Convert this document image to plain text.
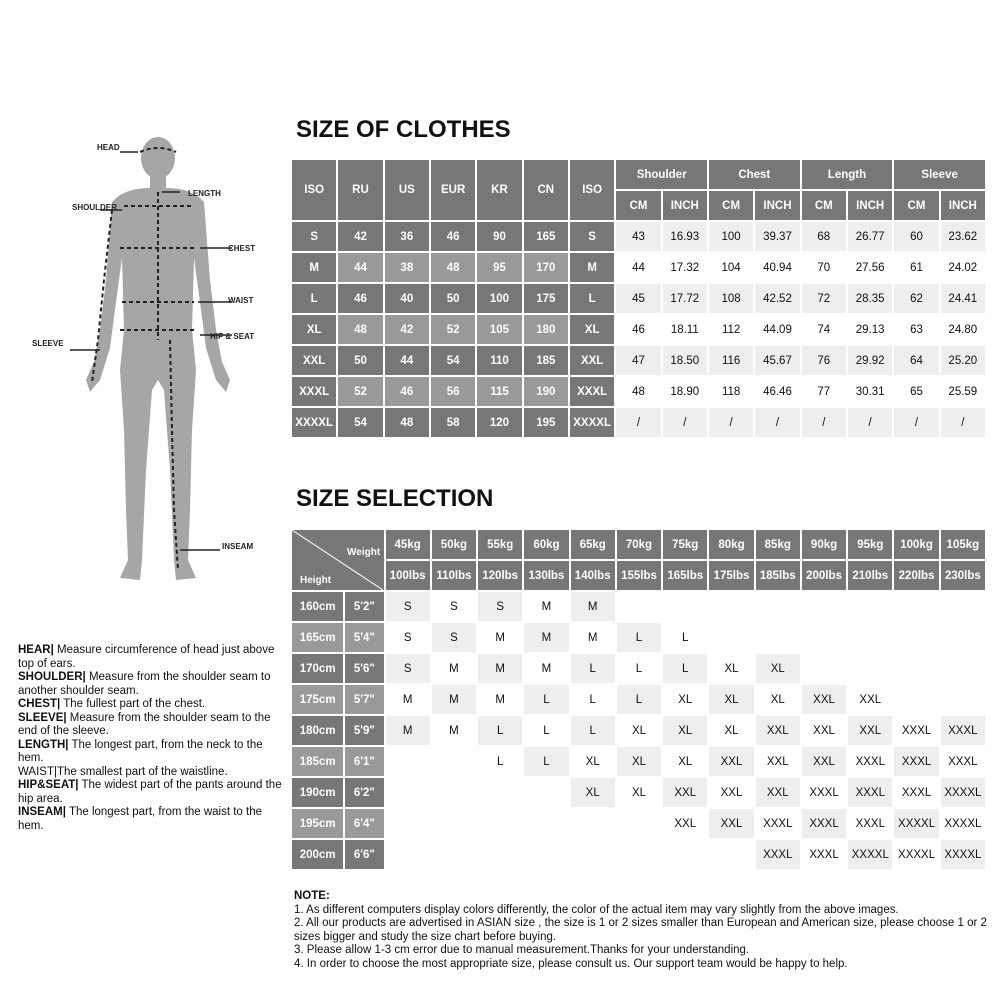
HEAD
LENGTH
SHOULDER
CHEST
WAIST
HIP & SEAT
SLEEVE
INSEAM

HEAR| Measure circumference of head just above top of ears.

SHOULDER| Measure from the shoulder seam to another shoulder seam.

CHEST| The fullest part of the chest.

SLEEVE| Measure from the shoulder seam to the end of the sleeve.

LENGTH| The longest part, from the neck to the hem.

WAIST|The smallest part of the waistline.

HIP&SEAT| The widest part of the pants around the hip area.

INSEAM| The longest part, from the waist to the hem.

SIZE OF CLOTHES
ISO	RU	US	EUR	KR	CN	ISO	Shoulder		Chest		Length		Sleeve	
							CM	INCH	CM	INCH	CM	INCH	CM	INCH
S	42	36	46	90	165	S	43	16.93	100	39.37	68	26.77	60	23.62
M	44	38	48	95	170	M	44	17.32	104	40.94	70	27.56	61	24.02
L	46	40	50	100	175	L	45	17.72	108	42.52	72	28.35	62	24.41
XL	48	42	52	105	180	XL	46	18.11	112	44.09	74	29.13	63	24.80
XXL	50	44	54	110	185	XXL	47	18.50	116	45.67	76	29.92	64	25.20
XXXL	52	46	56	115	190	XXXL	48	18.90	118	46.46	77	30.31	65	25.59
XXXXL	54	48	58	120	195	XXXXL	/	/	/	/	/	/	/	/
SIZE SELECTION
Weight
Height		45kg	50kg	55kg	60kg	65kg	70kg	75kg	80kg	85kg	90kg	95kg	100kg	105kg
		100lbs	110lbs	120lbs	130lbs	140lbs	155lbs	165lbs	175lbs	185lbs	200lbs	210lbs	220lbs	230lbs
160cm	5'2"	S	S	S	M	M								
165cm	5'4"	S	S	M	M	M	L	L						
170cm	5'6"	S	M	M	M	L	L	L	XL	XL				
175cm	5'7"	M	M	M	L	L	L	XL	XL	XL	XXL	XXL		
180cm	5'9"	M	M	L	L	L	XL	XL	XL	XXL	XXL	XXL	XXXL	XXXL
185cm	6'1"			L	L	XL	XL	XL	XXL	XXL	XXL	XXXL	XXXL	XXXL
190cm	6'2"					XL	XL	XXL	XXL	XXL	XXXL	XXXL	XXXL	XXXXL
195cm	6'4"							XXL	XXL	XXXL	XXXL	XXXL	XXXXL	XXXXL
200cm	6'6"									XXXL	XXXL	XXXXL	XXXXL	XXXXL

NOTE:

1. As different computers display colors differently, the color of the actual item may vary slightly from the above images.

2. All our products are advertised in ASIAN size , the size is 1 or 2 sizes smaller than European and American size, please choose 1 or 2 sizes bigger and study the size chart before buying.

3. Please allow 1-3 cm error due to manual measurement.Thanks for your understanding.

4. In order to choose the most appropriate size, please consult us. Our support team would be happy to help.
